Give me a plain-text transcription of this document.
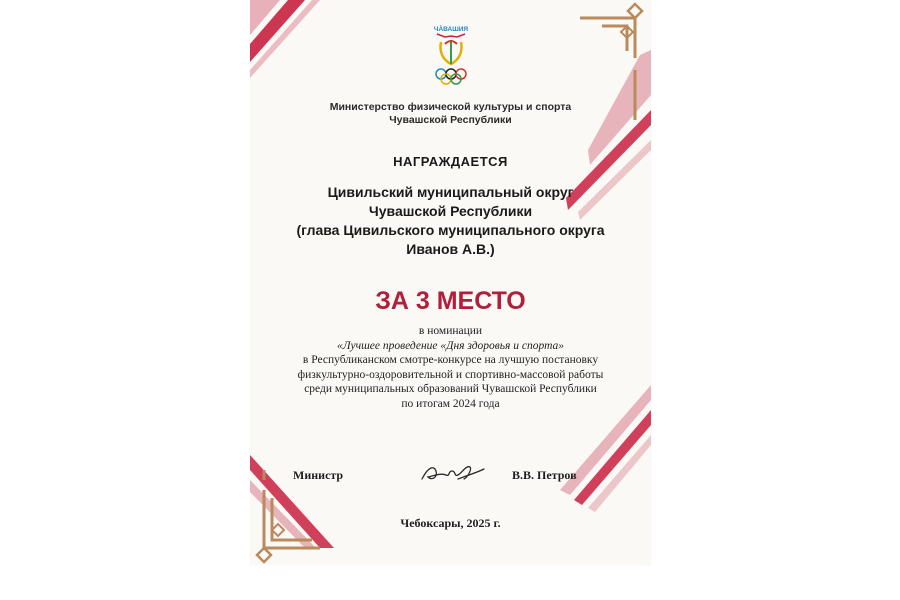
ЧӐВАШИЯ

Министерство физической культуры и спорта
Чувашской Республики

НАГРАЖДАЕТСЯ

Цивильский муниципальный округ
Чувашской Республики
(глава Цивильского муниципального округа
Иванов А.В.)

ЗА 3 МЕСТО

в номинации
«Лучшее проведение «Дня здоровья и спорта»
в Республиканском смотре-конкурсе на лучшую постановку
физкультурно-оздоровительной и спортивно-массовой работы
среди муниципальных образований Чувашской Республики
по итогам 2024 года

Министр	В.В. Петров

Чебоксары, 2025 г.
